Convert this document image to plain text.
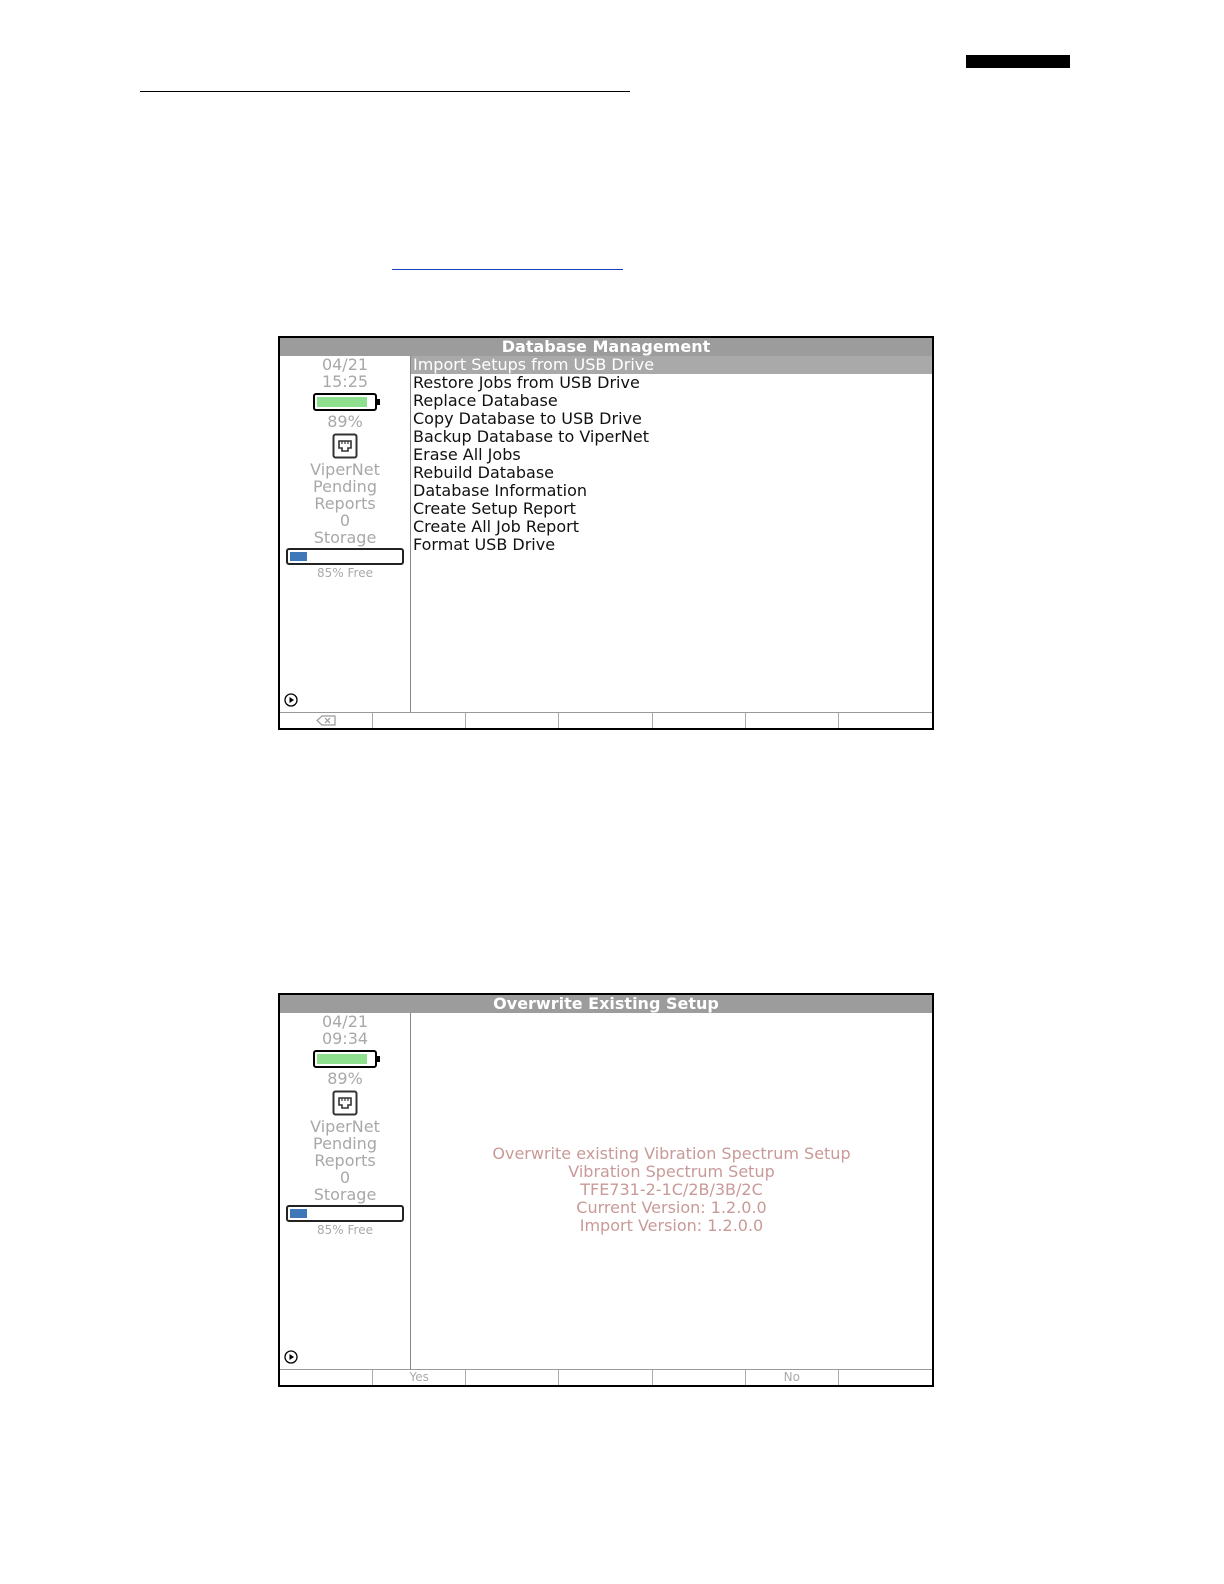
Database Management
04/21
15:25
89%
ViperNet
Pending
Reports
0
Storage
85% Free
Import Setups from USB Drive
Restore Jobs from USB Drive
Replace Database
Copy Database to USB Drive
Backup Database to ViperNet
Erase All Jobs
Rebuild Database
Database Information
Create Setup Report
Create All Job Report
Format USB Drive
Overwrite Existing Setup
04/21
09:34
89%
ViperNet
Pending
Reports
0
Storage
85% Free
Overwrite existing Vibration Spectrum Setup
Vibration Spectrum Setup
TFE731-2-1C/2B/3B/2C
Current Version: 1.2.0.0
Import Version: 1.2.0.0
Yes	No
